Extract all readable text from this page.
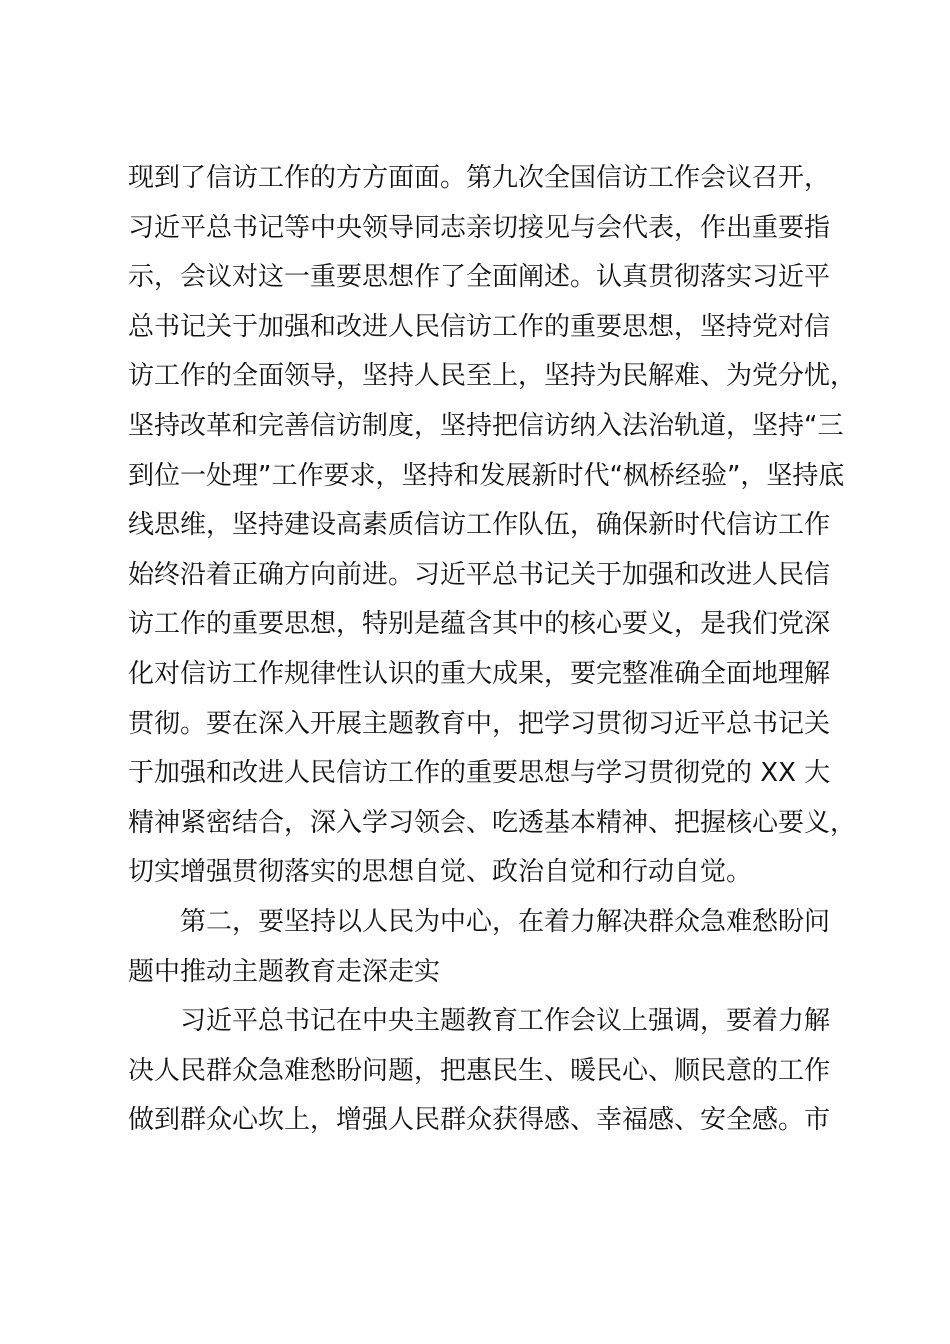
现到了信访工作的方方面面。第九次全国信访工作会议召开，
习近平总书记等中央领导同志亲切接见与会代表，作出重要指
示，会议对这一重要思想作了全面阐述。认真贯彻落实习近平
总书记关于加强和改进人民信访工作的重要思想，坚持党对信
访工作的全面领导，坚持人民至上，坚持为民解难、为党分忧，
坚持改革和完善信访制度，坚持把信访纳入法治轨道，坚持“三
到位一处理”工作要求，坚持和发展新时代“枫桥经验”，坚持底
线思维，坚持建设高素质信访工作队伍，确保新时代信访工作
始终沿着正确方向前进。习近平总书记关于加强和改进人民信
访工作的重要思想，特别是蕴含其中的核心要义，是我们党深
化对信访工作规律性认识的重大成果，要完整准确全面地理解
贯彻。要在深入开展主题教育中，把学习贯彻习近平总书记关
于加强和改进人民信访工作的重要思想与学习贯彻党的 XX 大
精神紧密结合，深入学习领会、吃透基本精神、把握核心要义，
切实增强贯彻落实的思想自觉、政治自觉和行动自觉。
第二，要坚持以人民为中心，在着力解决群众急难愁盼问
题中推动主题教育走深走实
习近平总书记在中央主题教育工作会议上强调，要着力解
决人民群众急难愁盼问题，把惠民生、暖民心、顺民意的工作
做到群众心坎上，增强人民群众获得感、幸福感、安全感。市
